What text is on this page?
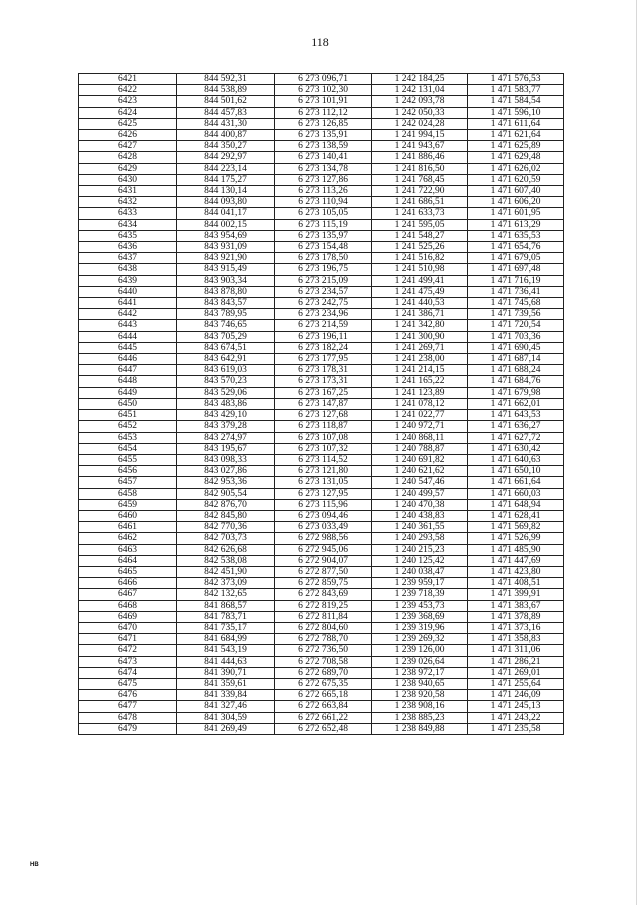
118
6421	844 592,31	6 273 096,71	1 242 184,25	1 471 576,53
6422	844 538,89	6 273 102,30	1 242 131,04	1 471 583,77
6423	844 501,62	6 273 101,91	1 242 093,78	1 471 584,54
6424	844 457,83	6 273 112,12	1 242 050,33	1 471 596,10
6425	844 431,30	6 273 126,85	1 242 024,28	1 471 611,64
6426	844 400,87	6 273 135,91	1 241 994,15	1 471 621,64
6427	844 350,27	6 273 138,59	1 241 943,67	1 471 625,89
6428	844 292,97	6 273 140,41	1 241 886,46	1 471 629,48
6429	844 223,14	6 273 134,78	1 241 816,50	1 471 626,02
6430	844 175,27	6 273 127,86	1 241 768,45	1 471 620,59
6431	844 130,14	6 273 113,26	1 241 722,90	1 471 607,40
6432	844 093,80	6 273 110,94	1 241 686,51	1 471 606,20
6433	844 041,17	6 273 105,05	1 241 633,73	1 471 601,95
6434	844 002,15	6 273 115,19	1 241 595,05	1 471 613,29
6435	843 954,69	6 273 135,97	1 241 548,27	1 471 635,53
6436	843 931,09	6 273 154,48	1 241 525,26	1 471 654,76
6437	843 921,90	6 273 178,50	1 241 516,82	1 471 679,05
6438	843 915,49	6 273 196,75	1 241 510,98	1 471 697,48
6439	843 903,34	6 273 215,09	1 241 499,41	1 471 716,19
6440	843 878,80	6 273 234,57	1 241 475,49	1 471 736,41
6441	843 843,57	6 273 242,75	1 241 440,53	1 471 745,68
6442	843 789,95	6 273 234,96	1 241 386,71	1 471 739,56
6443	843 746,65	6 273 214,59	1 241 342,80	1 471 720,54
6444	843 705,29	6 273 196,11	1 241 300,90	1 471 703,36
6445	843 674,51	6 273 182,24	1 241 269,71	1 471 690,45
6446	843 642,91	6 273 177,95	1 241 238,00	1 471 687,14
6447	843 619,03	6 273 178,31	1 241 214,15	1 471 688,24
6448	843 570,23	6 273 173,31	1 241 165,22	1 471 684,76
6449	843 529,06	6 273 167,25	1 241 123,89	1 471 679,98
6450	843 483,86	6 273 147,87	1 241 078,12	1 471 662,01
6451	843 429,10	6 273 127,68	1 241 022,77	1 471 643,53
6452	843 379,28	6 273 118,87	1 240 972,71	1 471 636,27
6453	843 274,97	6 273 107,08	1 240 868,11	1 471 627,72
6454	843 195,67	6 273 107,32	1 240 788,87	1 471 630,42
6455	843 098,33	6 273 114,52	1 240 691,82	1 471 640,63
6456	843 027,86	6 273 121,80	1 240 621,62	1 471 650,10
6457	842 953,36	6 273 131,05	1 240 547,46	1 471 661,64
6458	842 905,54	6 273 127,95	1 240 499,57	1 471 660,03
6459	842 876,70	6 273 115,96	1 240 470,38	1 471 648,94
6460	842 845,80	6 273 094,46	1 240 438,83	1 471 628,41
6461	842 770,36	6 273 033,49	1 240 361,55	1 471 569,82
6462	842 703,73	6 272 988,56	1 240 293,58	1 471 526,99
6463	842 626,68	6 272 945,06	1 240 215,23	1 471 485,90
6464	842 538,08	6 272 904,07	1 240 125,42	1 471 447,69
6465	842 451,90	6 272 877,50	1 240 038,47	1 471 423,80
6466	842 373,09	6 272 859,75	1 239 959,17	1 471 408,51
6467	842 132,65	6 272 843,69	1 239 718,39	1 471 399,91
6468	841 868,57	6 272 819,25	1 239 453,73	1 471 383,67
6469	841 783,71	6 272 811,84	1 239 368,69	1 471 378,89
6470	841 735,17	6 272 804,60	1 239 319,96	1 471 373,16
6471	841 684,99	6 272 788,70	1 239 269,32	1 471 358,83
6472	841 543,19	6 272 736,50	1 239 126,00	1 471 311,06
6473	841 444,63	6 272 708,58	1 239 026,64	1 471 286,21
6474	841 390,71	6 272 689,70	1 238 972,17	1 471 269,01
6475	841 359,61	6 272 675,35	1 238 940,65	1 471 255,64
6476	841 339,84	6 272 665,18	1 238 920,58	1 471 246,09
6477	841 327,46	6 272 663,84	1 238 908,16	1 471 245,13
6478	841 304,59	6 272 661,22	1 238 885,23	1 471 243,22
6479	841 269,49	6 272 652,48	1 238 849,88	1 471 235,58
НВ
